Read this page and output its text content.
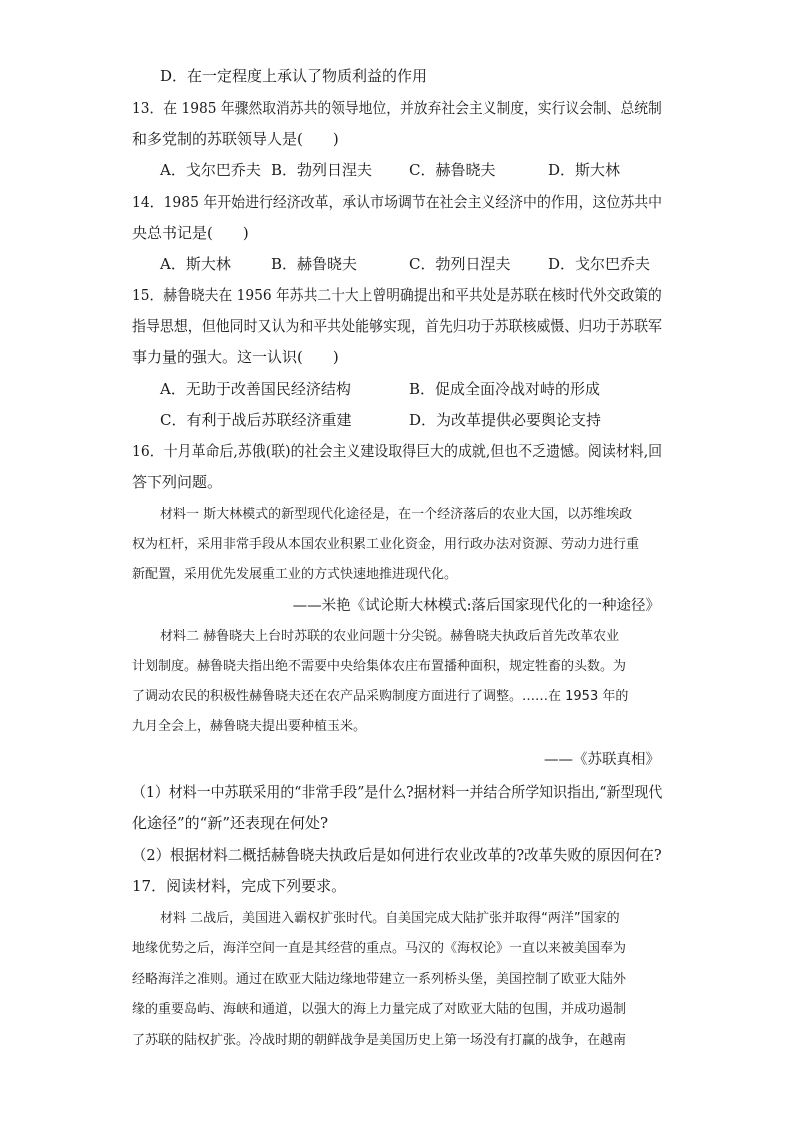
D．在一定程度上承认了物质利益的作用
13．在 1985 年骤然取消苏共的领导地位，并放弃社会主义制度，实行议会制、总统制
和多党制的苏联领导人是(　　)
A．戈尔巴乔夫 B．勃列日涅夫 C．赫鲁晓夫	D．斯大林
14．1985 年开始进行经济改革，承认市场调节在社会主义经济中的作用，这位苏共中
央总书记是(　　)
A．斯大林	B．赫鲁晓夫	C．勃列日涅夫	D．戈尔巴乔夫
15．赫鲁晓夫在 1956 年苏共二十大上曾明确提出和平共处是苏联在核时代外交政策的
指导思想，但他同时又认为和平共处能够实现，首先归功于苏联核威慑、归功于苏联军
事力量的强大。这一认识(　　)
A．无助于改善国民经济结构	B．促成全面冷战对峙的形成
C．有利于战后苏联经济重建	D．为改革提供必要舆论支持
16．十月革命后,苏俄(联)的社会主义建设取得巨大的成就,但也不乏遗憾。阅读材料,回
答下列问题。
材料一 斯大林模式的新型现代化途径是，在一个经济落后的农业大国，以苏维埃政
权为杠杆，采用非常手段从本国农业积累工业化资金，用行政办法对资源、劳动力进行重
新配置，采用优先发展重工业的方式快速地推进现代化。
——米艳《试论斯大林模式:落后国家现代化的一种途径》
材料二 赫鲁晓夫上台时苏联的农业问题十分尖锐。赫鲁晓夫执政后首先改革农业
计划制度。赫鲁晓夫指出绝不需要中央给集体农庄布置播种面积，规定牲畜的头数。为
了调动农民的积极性赫鲁晓夫还在农产品采购制度方面进行了调整。……在 1953 年的
九月全会上，赫鲁晓夫提出要种植玉米。
——《苏联真相》
（1）材料一中苏联采用的“非常手段”是什么?据材料一并结合所学知识指出,“新型现代
化途径”的“新”还表现在何处?
（2）根据材料二概括赫鲁晓夫执政后是如何进行农业改革的?改革失败的原因何在?
17．阅读材料，完成下列要求。
材料 二战后，美国进入霸权扩张时代。自美国完成大陆扩张并取得“两洋”国家的
地缘优势之后，海洋空间一直是其经营的重点。马汉的《海权论》一直以来被美国奉为
经略海洋之准则。通过在欧亚大陆边缘地带建立一系列桥头堡，美国控制了欧亚大陆外
缘的重要岛屿、海峡和通道，以强大的海上力量完成了对欧亚大陆的包围，并成功遏制
了苏联的陆权扩张。冷战时期的朝鲜战争是美国历史上第一场没有打赢的战争，在越南
